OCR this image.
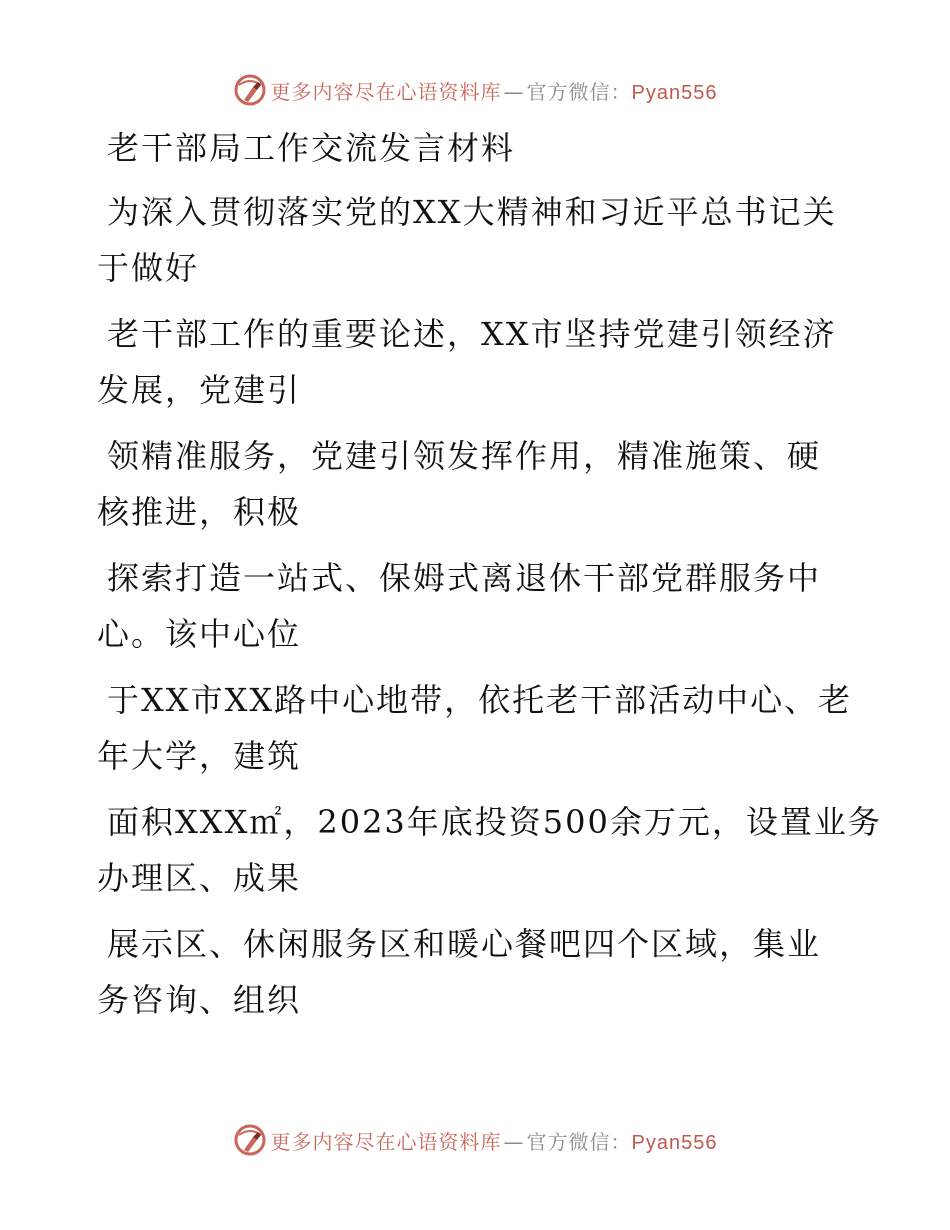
更多内容尽在心语资料库 — 官方微信：Pyan556
老干部局工作交流发言材料
为深入贯彻落实党的XX大精神和习近平总书记关
于做好
老干部工作的重要论述，XX市坚持党建引领经济
发展，党建引
领精准服务，党建引领发挥作用，精准施策、硬
核推进，积极
探索打造一站式、保姆式离退休干部党群服务中
心。该中心位
于XX市XX路中心地带，依托老干部活动中心、老
年大学，建筑
面积XXX㎡，2023年底投资500余万元，设置业务
办理区、成果
展示区、休闲服务区和暖心餐吧四个区域，集业
务咨询、组织
更多内容尽在心语资料库 — 官方微信：Pyan556
